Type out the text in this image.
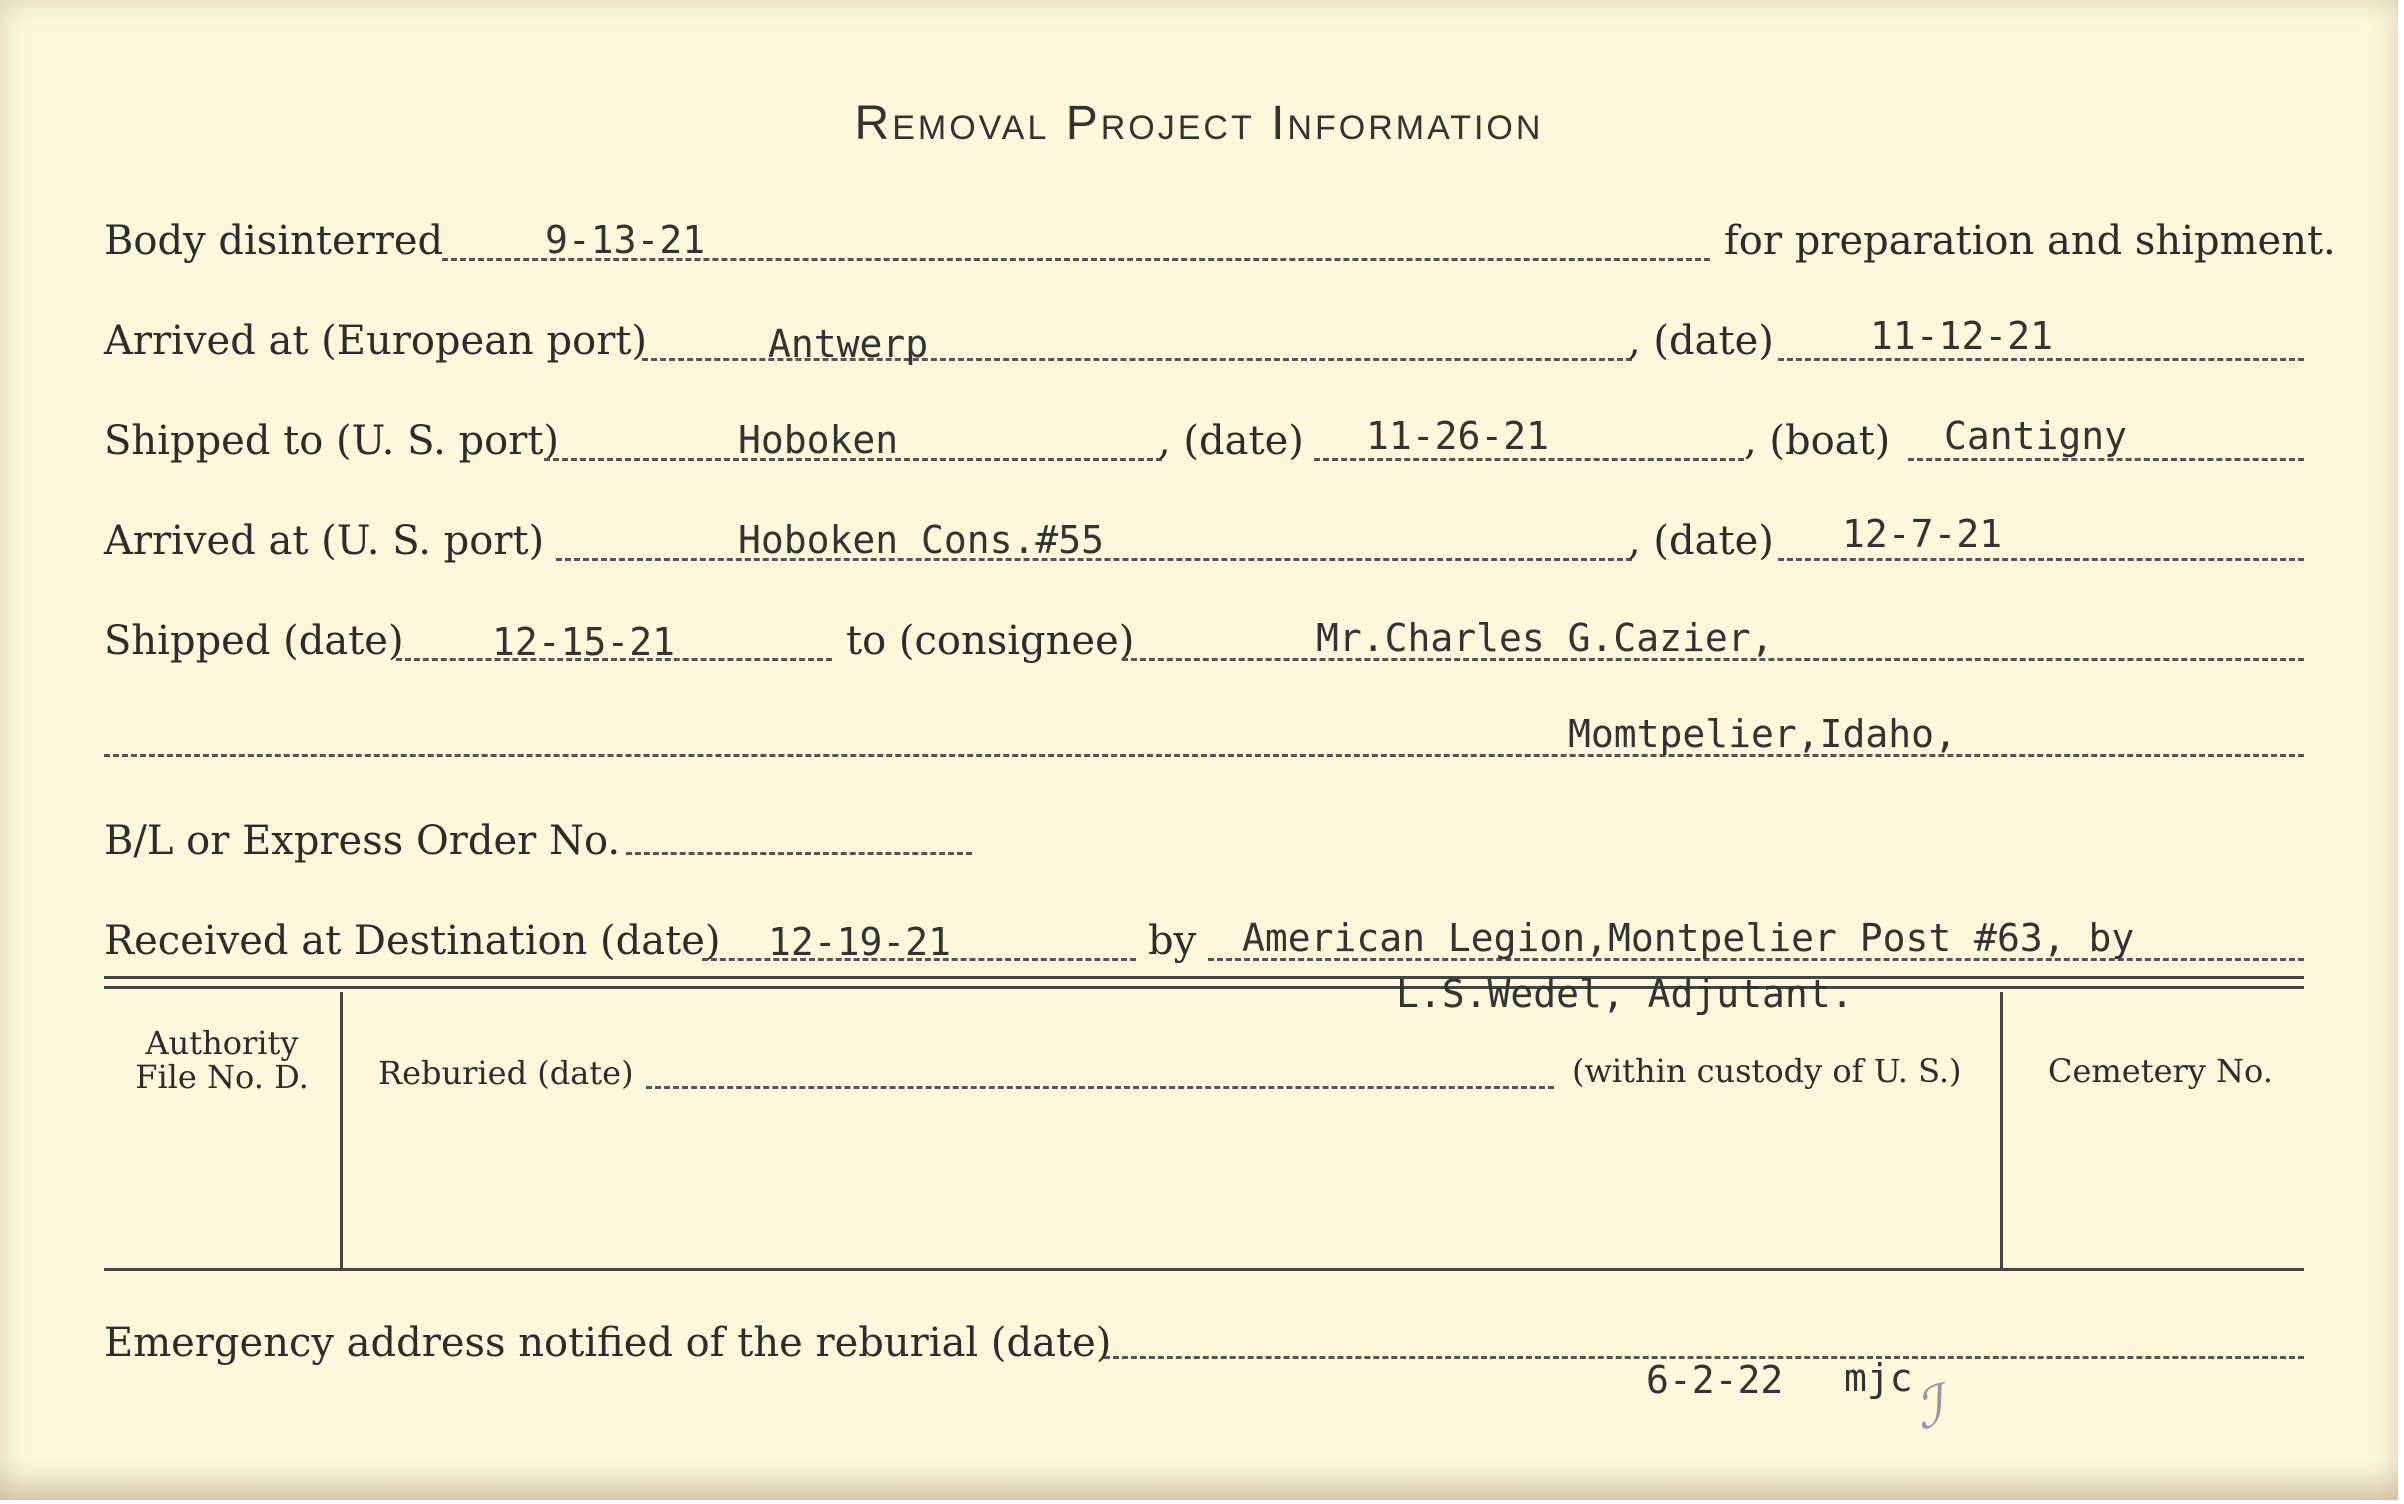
Removal Project Information
Body disinterred	9-13-21	for preparation and shipment.
Arrived at (European port)	Antwerp	, (date)	11-12-21
Shipped to (U. S. port)	Hoboken	, (date) 11-26-21	, (boat) Cantigny
Arrived at (U. S. port)	Hoboken Cons.#55	, (date) 12-7-21
Shipped (date) 12-15-21	to (consignee)	Mr.Charles G.Cazier,
Momtpelier,Idaho,
B/L or Express Order No.
Received at Destination (date) 12-19-21	by American Legion,Montpelier Post #63, by
L.S.Wedel, Adjutant.
Authority
File No. D.	Reburied (date)	(within custody of U. S.)	Cemetery No.
Emergency address notified of the reburial (date)
6-2-22 mjc
ℐ
